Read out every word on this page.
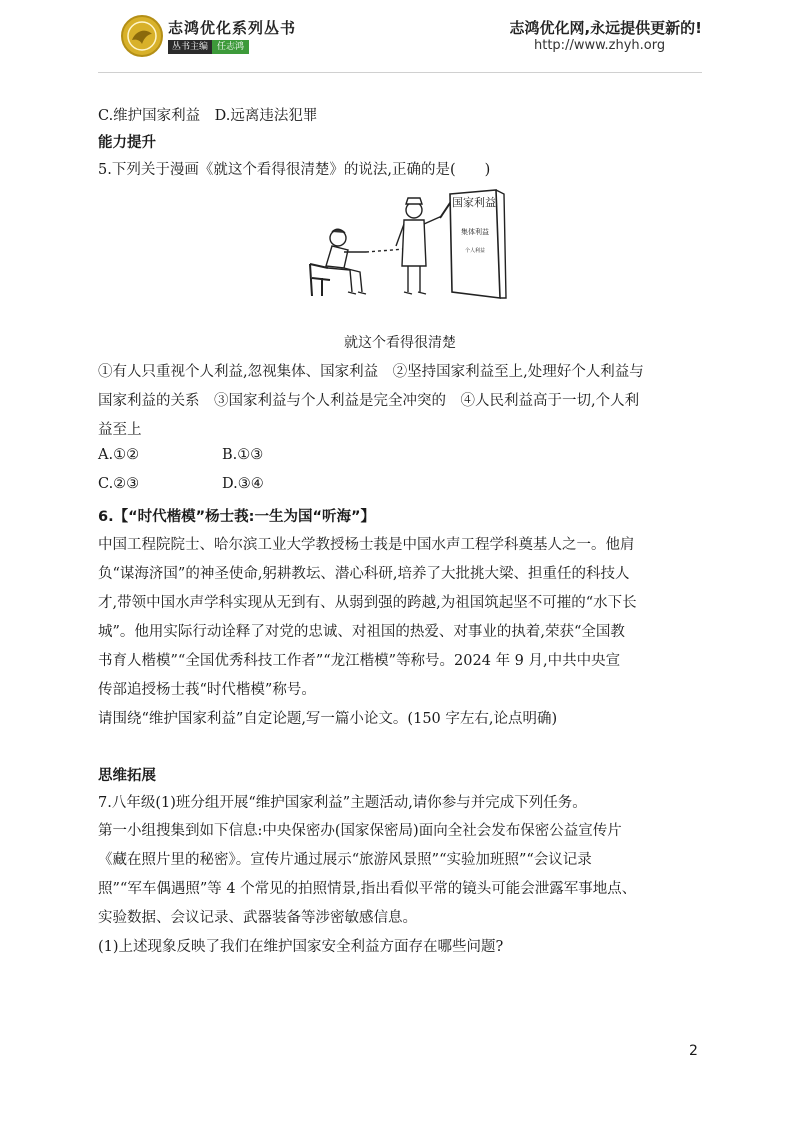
志鸿优化系列丛书
丛书主编	任志鸿
志鸿优化网,永远提供更新的!
http://www.zhyh.org
C.维护国家利益　D.远离违法犯罪
能力提升
5.下列关于漫画《就这个看得很清楚》的说法,正确的是(　　)
国家利益
集体利益
个人利益
就这个看得很清楚
①有人只重视个人利益,忽视集体、国家利益　②坚持国家利益至上,处理好个人利益与
国家利益的关系　③国家利益与个人利益是完全冲突的　④人民利益高于一切,个人利
益至上
A.①②	B.①③
C.②③	D.③④
6.【“时代楷模”杨士莪:一生为国“听海”】
中国工程院院士、哈尔滨工业大学教授杨士莪是中国水声工程学科奠基人之一。他肩
负“谋海济国”的神圣使命,躬耕教坛、潜心科研,培养了大批挑大梁、担重任的科技人
才,带领中国水声学科实现从无到有、从弱到强的跨越,为祖国筑起坚不可摧的“水下长
城”。他用实际行动诠释了对党的忠诚、对祖国的热爱、对事业的执着,荣获“全国教
书育人楷模”“全国优秀科技工作者”“龙江楷模”等称号。2024 年 9 月,中共中央宣
传部追授杨士莪“时代楷模”称号。
请围绕“维护国家利益”自定论题,写一篇小论文。(150 字左右,论点明确)
思维拓展
7.八年级(1)班分组开展“维护国家利益”主题活动,请你参与并完成下列任务。
第一小组搜集到如下信息:中央保密办(国家保密局)面向全社会发布保密公益宣传片
《藏在照片里的秘密》。宣传片通过展示“旅游风景照”“实验加班照”“会议记录
照”“军车偶遇照”等 4 个常见的拍照情景,指出看似平常的镜头可能会泄露军事地点、
实验数据、会议记录、武器装备等涉密敏感信息。
(1)上述现象反映了我们在维护国家安全利益方面存在哪些问题?
2
